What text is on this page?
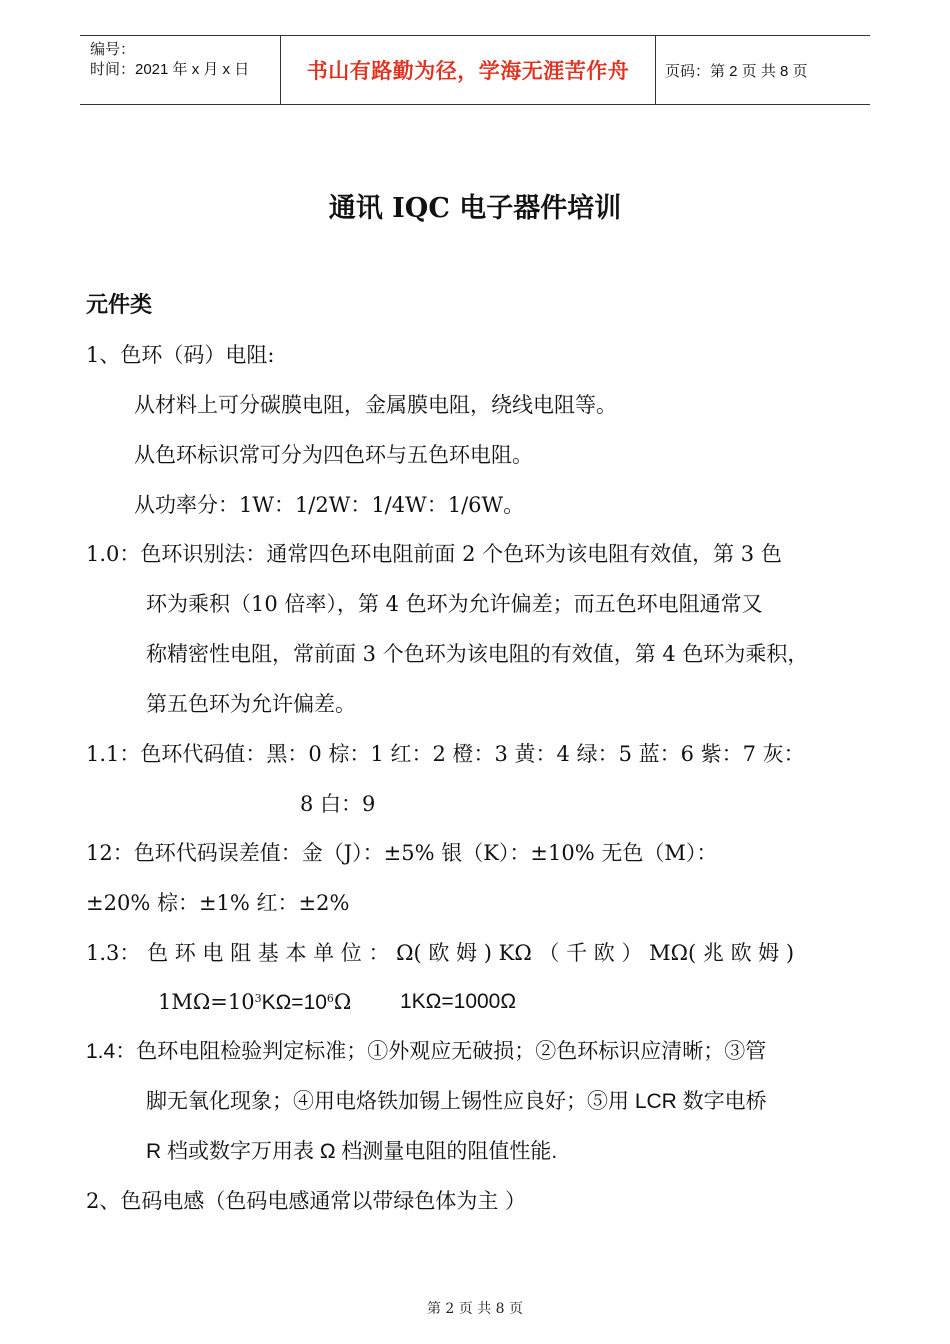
编号：
时间：2021 年 x 月 x 日	书山有路勤为径，学海无涯苦作舟	页码：第 2 页 共 8 页
通讯 IQC 电子器件培训
元件类
1、色环（码）电阻:
从材料上可分碳膜电阻，金属膜电阻，绕线电阻等。
从色环标识常可分为四色环与五色环电阻。
从功率分：1W：1/2W：1/4W：1/6W。
1.0：色环识别法：通常四色环电阻前面 2 个色环为该电阻有效值，第 3 色
环为乘积（10 倍率），第 4 色环为允许偏差；而五色环电阻通常又
称精密性电阻，常前面 3 个色环为该电阻的有效值，第 4 色环为乘积，
第五色环为允许偏差。
1.1：色环代码值：黑：0 棕：1 红：2 橙：3 黄：4 绿：5 蓝：6 紫：7 灰：
8 白：9
12：色环代码误差值：金（J）：±5% 银（K）：±10% 无色（M）：
±20% 棕：±1% 红：±2%
1.3： 色 环 电 阻 基 本 单 位 ： Ω( 欧 姆 ) KΩ （ 千 欧 ） MΩ( 兆 欧 姆 )
$1M\Omega=10^3K\Omega=10^6\Omega$ 1KΩ=1000Ω
1.4：色环电阻检验判定标准；①外观应无破损；②色环标识应清晰；③管
脚无氧化现象；④用电烙铁加锡上锡性应良好；⑤用 LCR 数字电桥
R 档或数字万用表 Ω 档测量电阻的阻值性能.
2、色码电感（色码电感通常以带绿色体为主 ）
第 2 页 共 8 页
